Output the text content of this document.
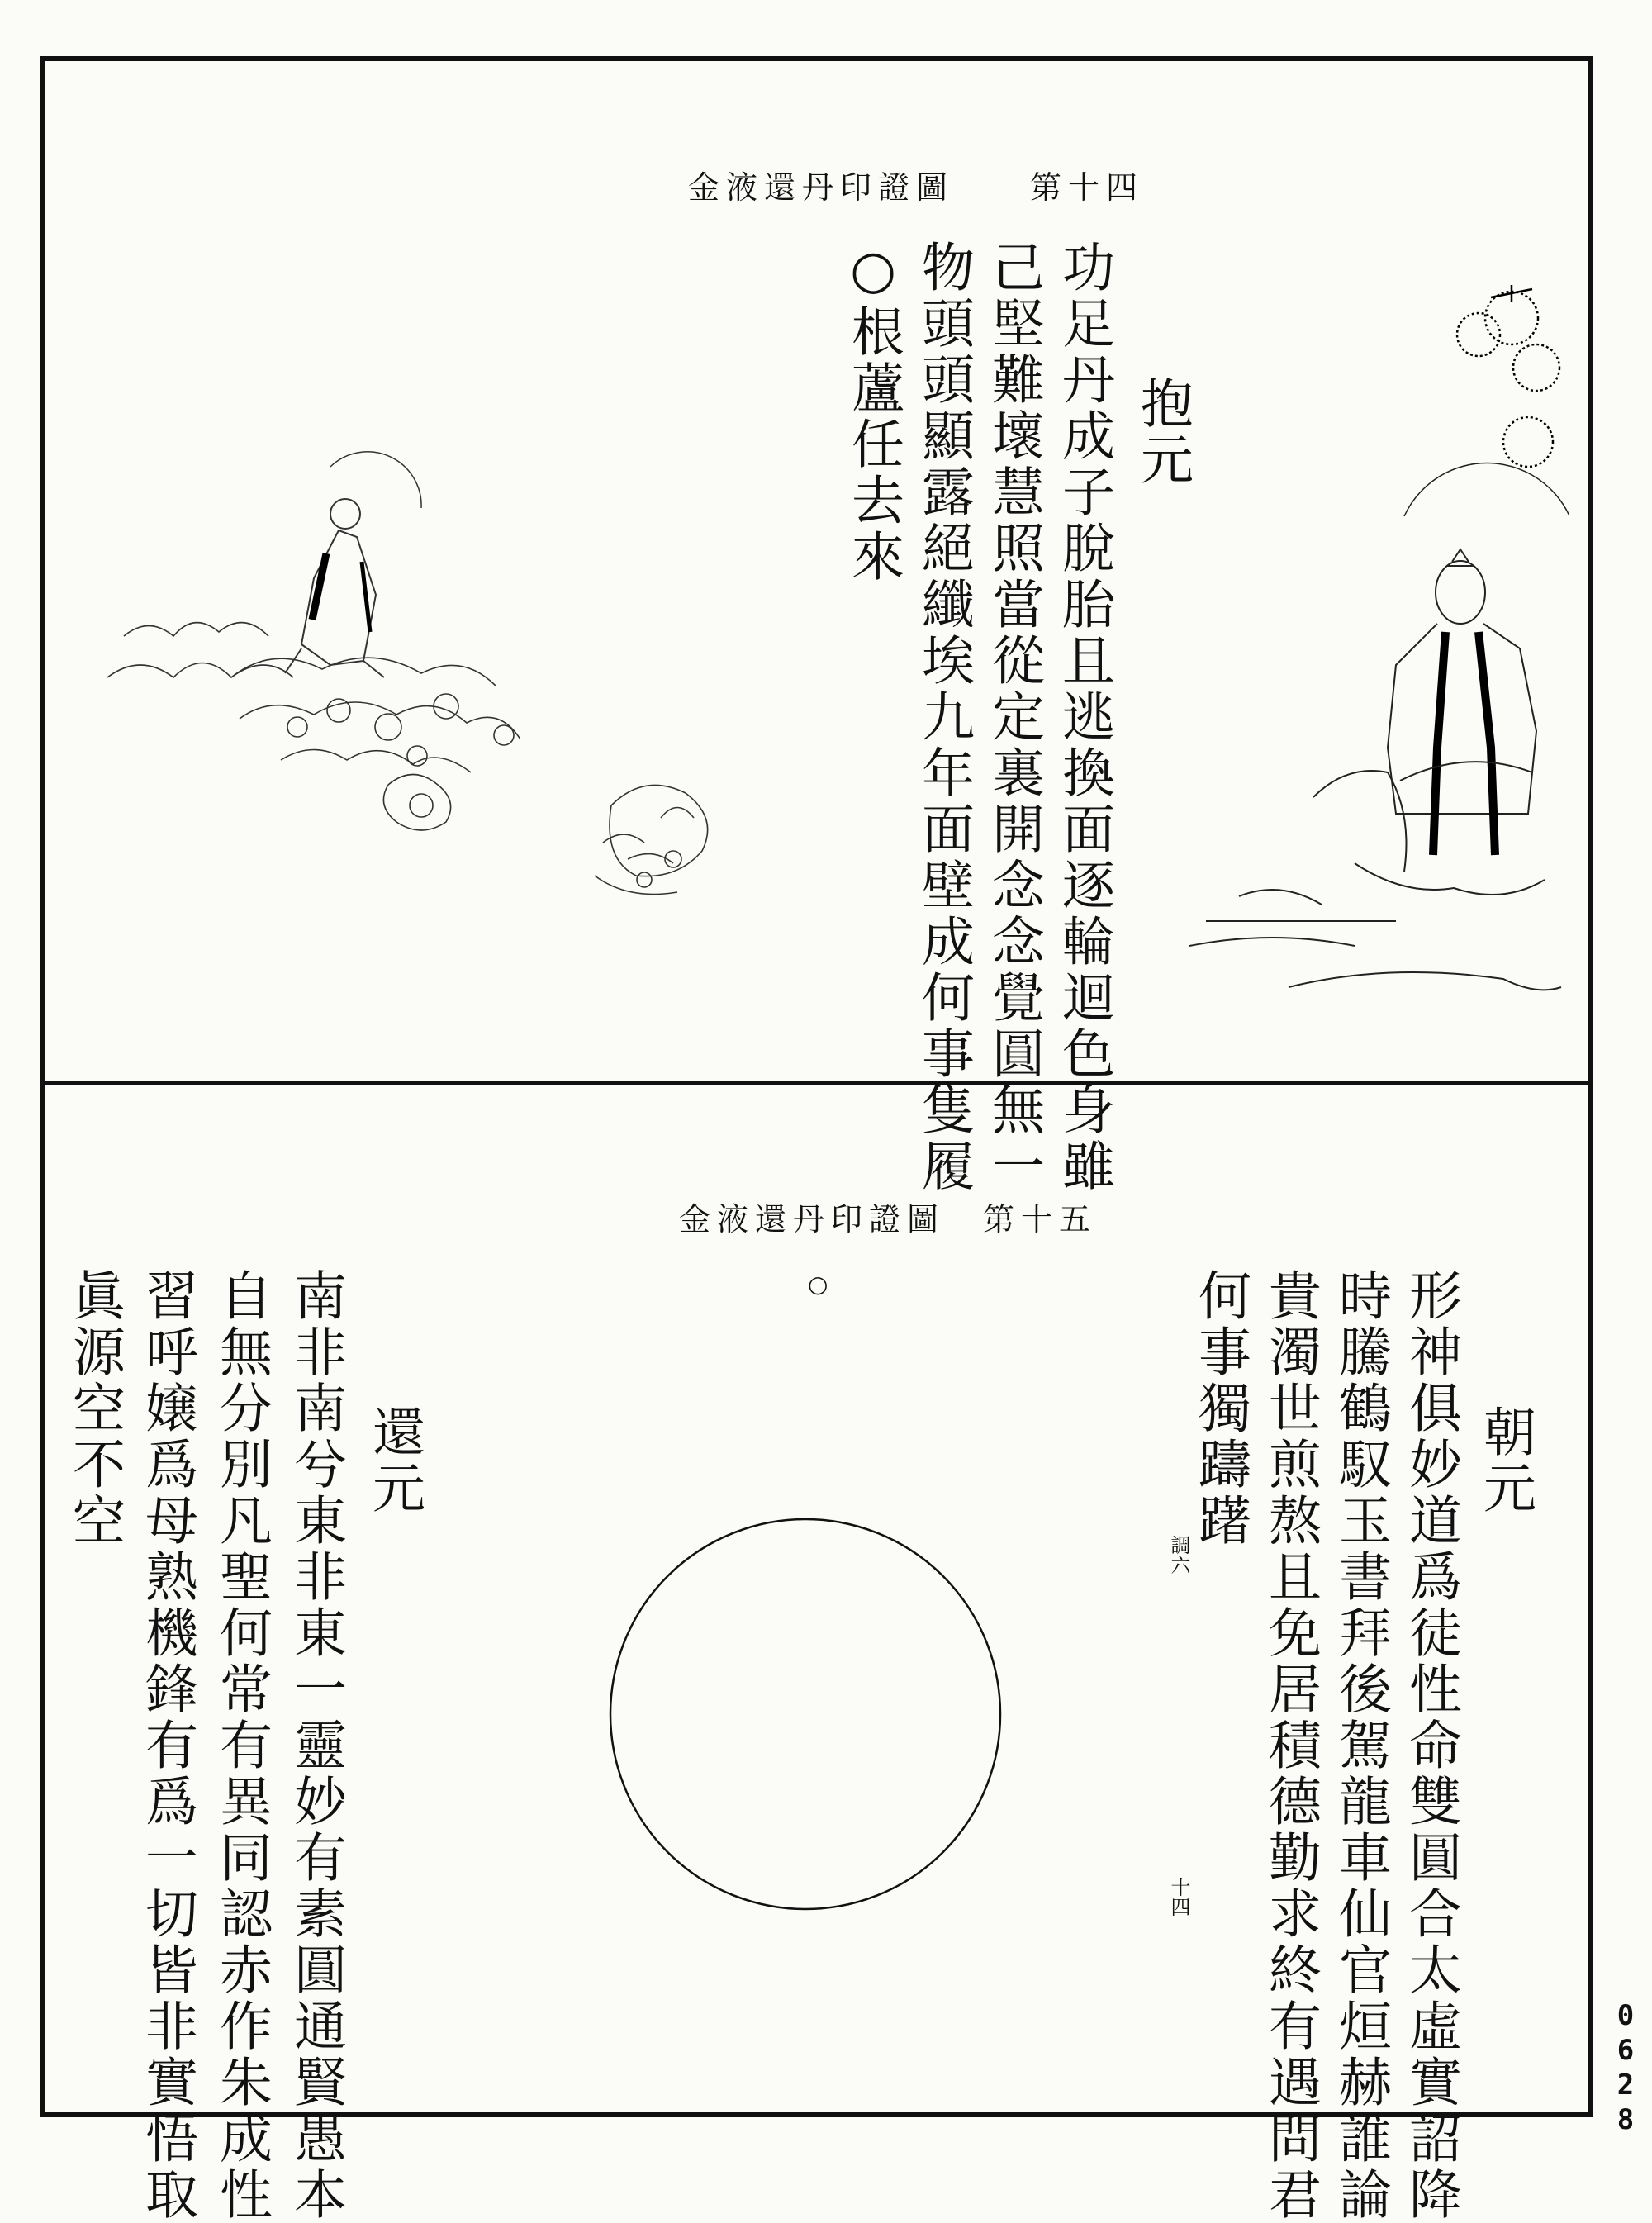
金液還丹印證圖　　第十四
抱元
功足丹成子脫胎且逃換面逐輪迴色身雖
己堅難壞慧照當從定裏開念念覺圓無一
物頭頭顯露絕纖埃九年面壁成何事隻履
○根蘆任去來
金液還丹印證圖　第十五
朝元
形神俱妙道爲徒性命雙圓合太虛實詔降
時騰鶴馭玉書拜後駕龍車仙官烜赫誰論
貴濁世煎熬且免居積德勤求終有遇問君
何事獨躊躇
調六
十四
還元
南非南兮東非東一靈妙有素圓通賢愚本
自無分別凡聖何常有異同認赤作朱成性
習呼嬢爲母熟機鋒有爲一切皆非實悟取
眞源空不空	○
0628
